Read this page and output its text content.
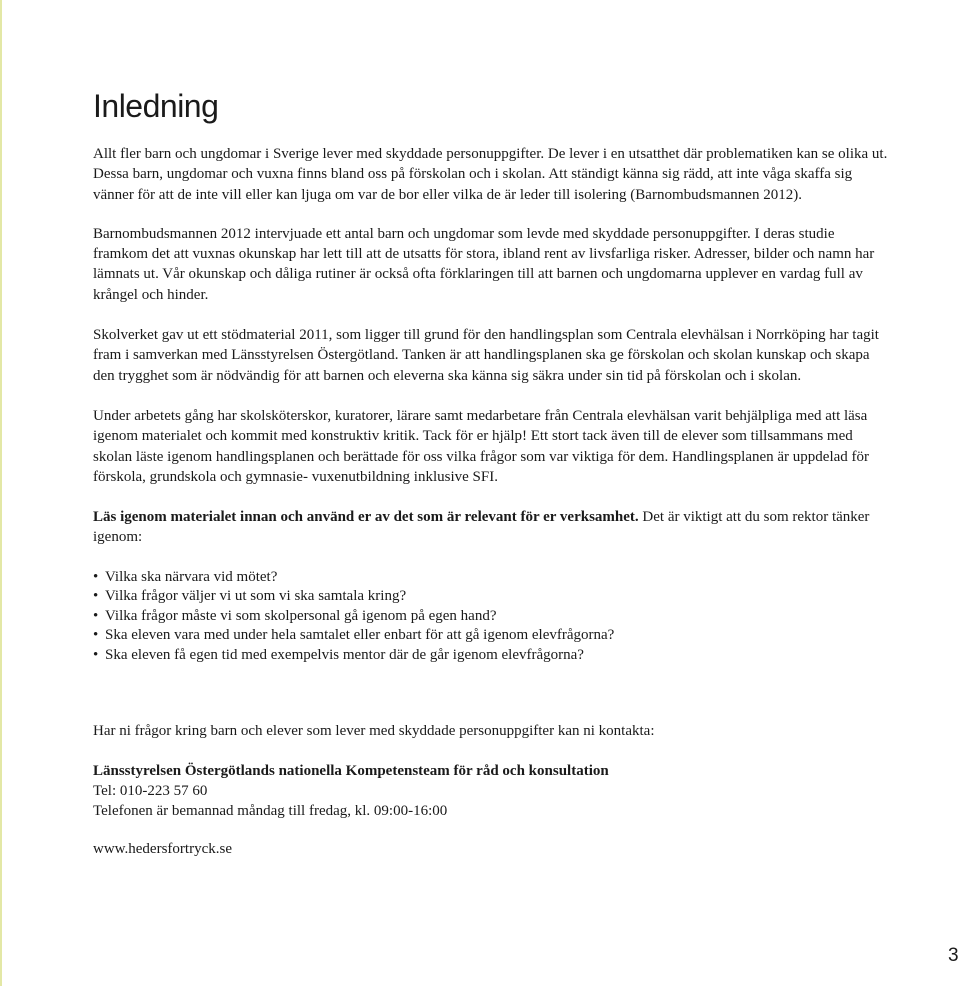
Inledning

Allt fler barn och ungdomar i Sverige lever med skyddade personuppgifter. De lever i en utsatthet där problematiken kan se olika ut. Dessa barn, ungdomar och vuxna finns bland oss på förskolan och i skolan. Att ständigt känna sig rädd, att inte våga skaffa sig vänner för att de inte vill eller kan ljuga om var de bor eller vilka de är leder till isolering (Barnombudsmannen 2012).

Barnombudsmannen 2012 intervjuade ett antal barn och ungdomar som levde med skyddade personuppgifter. I deras studie framkom det att vuxnas okunskap har lett till att de utsatts för stora, ibland rent av livsfarliga risker. Adresser, bilder och namn har lämnats ut. Vår okunskap och dåliga rutiner är också ofta förklaringen till att barnen och ungdomarna upplever en vardag full av krångel och hinder.

Skolverket gav ut ett stödmaterial 2011, som ligger till grund för den handlingsplan som Centrala elevhälsan i Norrköping har tagit fram i samverkan med Länsstyrelsen Östergötland. Tanken är att handlingsplanen ska ge förskolan och skolan kunskap och skapa den trygghet som är nödvändig för att barnen och eleverna ska känna sig säkra under sin tid på förskolan och i skolan.

Under arbetets gång har skolsköterskor, kuratorer, lärare samt medarbetare från Centrala elevhälsan varit behjälpliga med att läsa igenom materialet och kommit med konstruktiv kritik. Tack för er hjälp! Ett stort tack även till de elever som tillsammans med skolan läste igenom handlingsplanen och berättade för oss vilka frågor som var viktiga för dem. Handlingsplanen är uppdelad för förskola, grundskola och gymnasie- vuxenutbildning inklusive SFI.

Läs igenom materialet innan och använd er av det som är relevant för er verksamhet. Det är viktigt att du som rektor tänker igenom:

• Vilka ska närvara vid mötet?
• Vilka frågor väljer vi ut som vi ska samtala kring?
• Vilka frågor måste vi som skolpersonal gå igenom på egen hand?
• Ska eleven vara med under hela samtalet eller enbart för att gå igenom elevfrågorna?
• Ska eleven få egen tid med exempelvis mentor där de går igenom elevfrågorna?

Har ni frågor kring barn och elever som lever med skyddade personuppgifter kan ni kontakta:

Länsstyrelsen Östergötlands nationella Kompetensteam för råd och konsultation

Tel: 010-223 57 60

Telefonen är bemannad måndag till fredag, kl. 09:00-16:00

www.hedersfortryck.se

3
